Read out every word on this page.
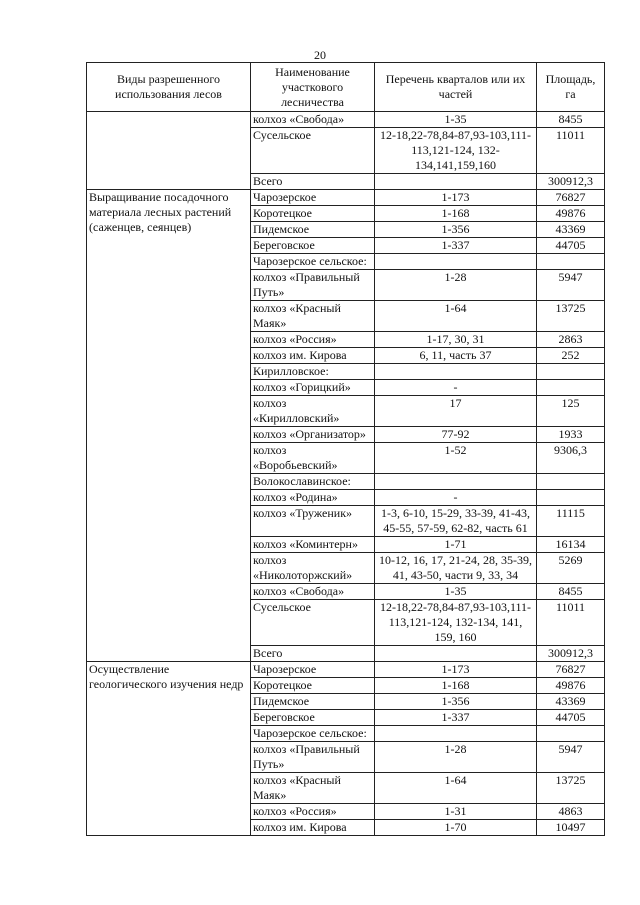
20
Виды разрешенного использования лесов	Наименование участкового лесничества	Перечень кварталов или их частей	Площадь, га
	колхоз «Свобода»	1-35	8455
	Сусельское	12-18,22-78,84-87,93-103,111-113,121-124, 132-134,141,159,160	11011
	Всего		300912,3
Выращивание посадочного материала лесных растений (саженцев, сеянцев)	Чарозерское	1-173	76827
	Коротецкое	1-168	49876
	Пидемское	1-356	43369
	Береговское	1-337	44705
	Чарозерское сельское:		
	колхоз «Правильный Путь»	1-28	5947
	колхоз «Красный Маяк»	1-64	13725
	колхоз «Россия»	1-17, 30, 31	2863
	колхоз им. Кирова	6, 11, часть 37	252
	Кирилловское:		
	колхоз «Горицкий»	-	
	колхоз «Кирилловский»	17	125
	колхоз «Организатор»	77-92	1933
	колхоз «Воробьевский»	1-52	9306,3
	Волокославинское:		
	колхоз «Родина»	-	
	колхоз «Труженик»	1-3, 6-10, 15-29, 33-39, 41-43, 45-55, 57-59, 62-82, часть 61	11115
	колхоз «Коминтерн»	1-71	16134
	колхоз «Николоторжский»	10-12, 16, 17, 21-24, 28, 35-39, 41, 43-50, части 9, 33, 34	5269
	колхоз «Свобода»	1-35	8455
	Сусельское	12-18,22-78,84-87,93-103,111-113,121-124, 132-134, 141, 159, 160	11011
	Всего		300912,3
Осуществление геологического изучения недр	Чарозерское	1-173	76827
	Коротецкое	1-168	49876
	Пидемское	1-356	43369
	Береговское	1-337	44705
	Чарозерское сельское:		
	колхоз «Правильный Путь»	1-28	5947
	колхоз «Красный Маяк»	1-64	13725
	колхоз «Россия»	1-31	4863
	колхоз им. Кирова	1-70	10497
